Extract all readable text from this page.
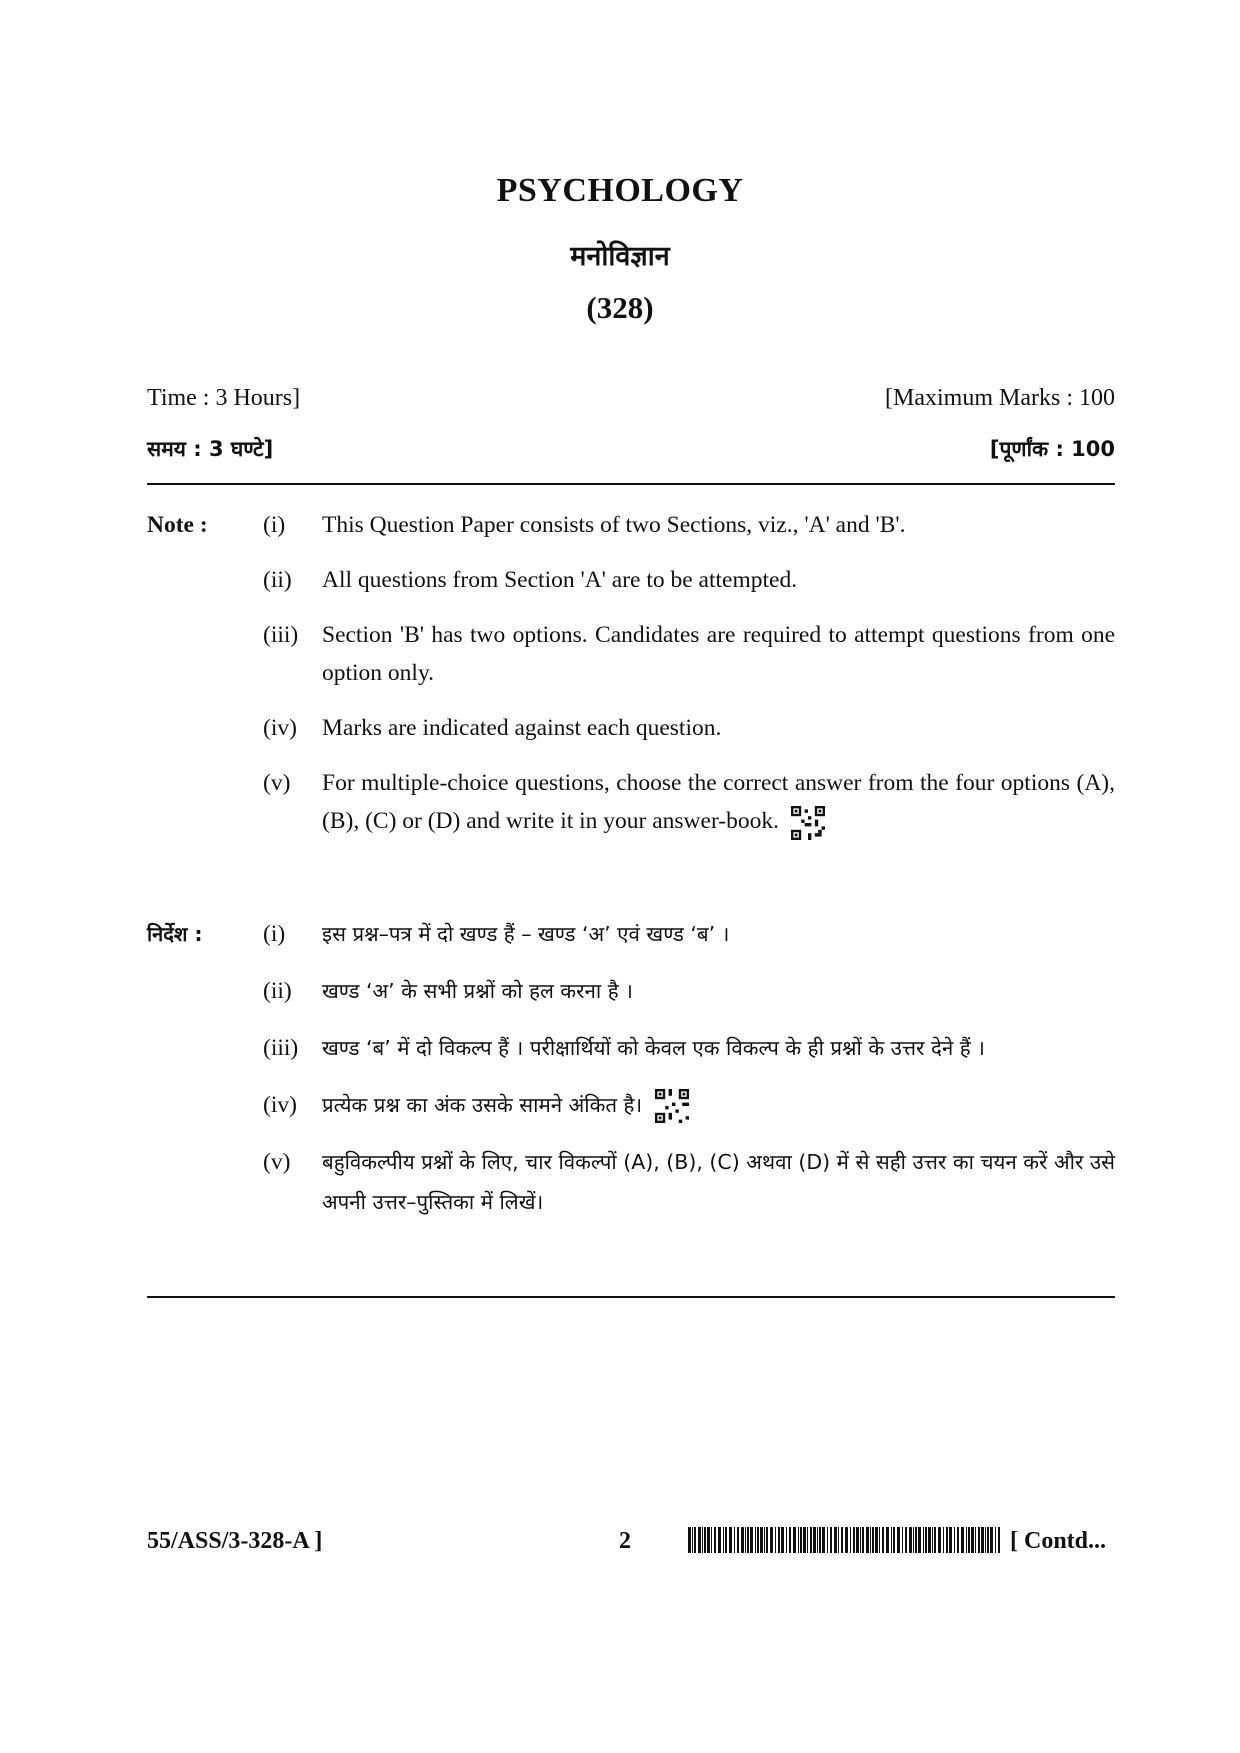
PSYCHOLOGY
मनोविज्ञान
(328)
Time : 3 Hours]	[Maximum Marks : 100
समय : 3 घण्टे]	[पूर्णांक : 100
Note : (i) This Question Paper consists of two Sections, viz., 'A' and 'B'.
(ii) All questions from Section 'A' are to be attempted.
(iii) Section 'B' has two options. Candidates are required to attempt questions from one option only.
(iv) Marks are indicated against each question.
(v) For multiple-choice questions, choose the correct answer from the four options (A), (B), (C) or (D) and write it in your answer-book.
निर्देश :	(i) इस प्रश्न–पत्र में दो खण्ड हैं – खण्ड ‘अ’ एवं खण्ड ‘ब’ ।
(ii) खण्ड ‘अ’ के सभी प्रश्नों को हल करना है ।
(iii) खण्ड ‘ब’ में दो विकल्प हैं । परीक्षार्थियों को केवल एक विकल्प के ही प्रश्नों के उत्तर देने हैं ।
(iv) प्रत्येक प्रश्न का अंक उसके सामने अंकित है।
(v) बहुविकल्पीय प्रश्नों के लिए, चार विकल्पों (A), (B), (C) अथवा (D) में से सही उत्तर का चयन करें और उसे अपनी उत्तर–पुस्तिका में लिखें।
55/ASS/3-328-A ]	2	[ Contd...
